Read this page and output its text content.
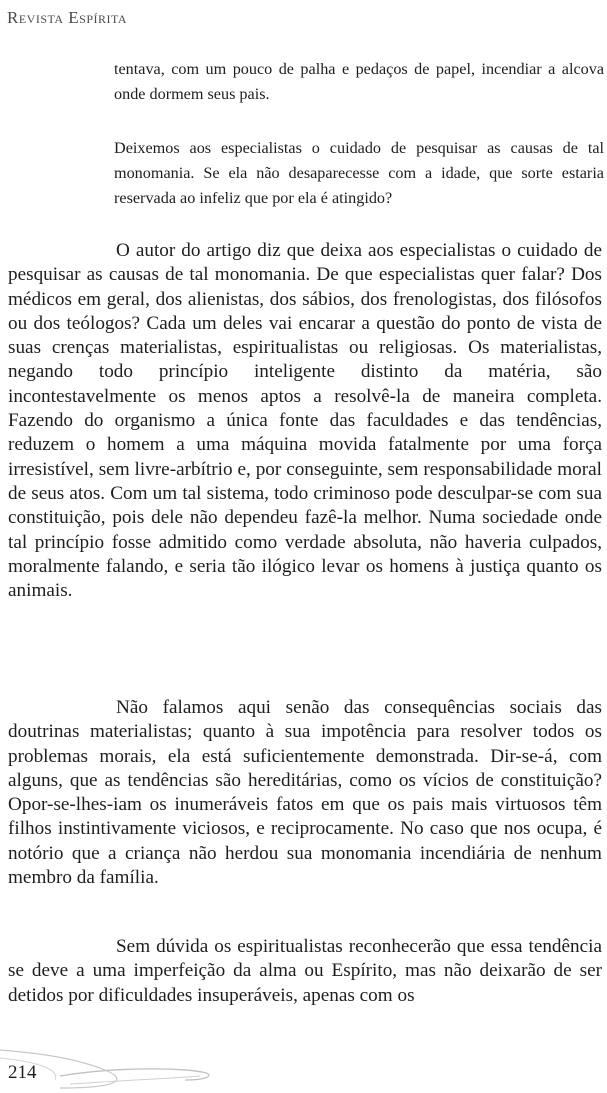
Revista Espírita
tentava, com um pouco de palha e pedaços de papel, incendiar a alcova onde dormem seus pais.
Deixemos aos especialistas o cuidado de pesquisar as causas de tal monomania. Se ela não desaparecesse com a idade, que sorte estaria reservada ao infeliz que por ela é atingido?

O autor do artigo diz que deixa aos especialistas o cuidado de pesquisar as causas de tal monomania. De que especialistas quer falar? Dos médicos em geral, dos alienistas, dos sábios, dos frenologistas, dos filósofos ou dos teólogos? Cada um deles vai encarar a questão do ponto de vista de suas crenças materialistas, espiritualistas ou religiosas. Os materialistas, negando todo princípio inteligente distinto da matéria, são incontestavelmente os menos aptos a resolvê-la de maneira completa. Fazendo do organismo a única fonte das faculdades e das tendências, reduzem o homem a uma máquina movida fatalmente por uma força irresistível, sem livre-arbítrio e, por conseguinte, sem responsabilidade moral de seus atos. Com um tal sistema, todo criminoso pode desculpar-se com sua constituição, pois dele não dependeu fazê-la melhor. Numa sociedade onde tal princípio fosse admitido como verdade absoluta, não haveria culpados, moralmente falando, e seria tão ilógico levar os homens à justiça quanto os animais.

Não falamos aqui senão das consequências sociais das doutrinas materialistas; quanto à sua impotência para resolver todos os problemas morais, ela está suficientemente demonstrada. Dir-se-á, com alguns, que as tendências são hereditárias, como os vícios de constituição? Opor-se-lhes-iam os inumeráveis fatos em que os pais mais virtuosos têm filhos instintivamente viciosos, e reciprocamente. No caso que nos ocupa, é notório que a criança não herdou sua monomania incendiária de nenhum membro da família.

Sem dúvida os espiritualistas reconhecerão que essa tendência se deve a uma imperfeição da alma ou Espírito, mas não deixarão de ser detidos por dificuldades insuperáveis, apenas com os

214
